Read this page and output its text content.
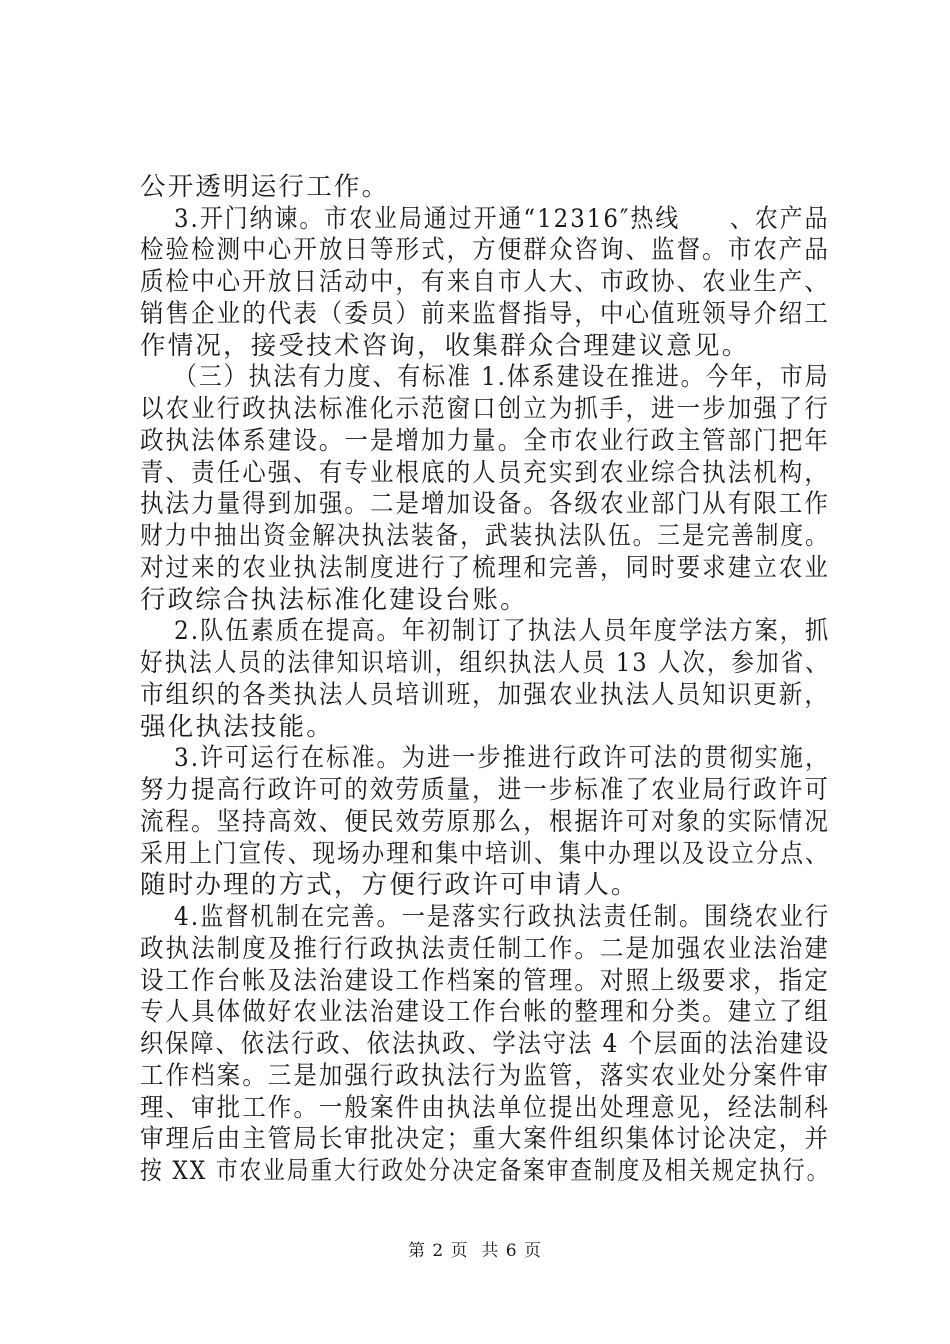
公开透明运行工作。
3.开门纳谏。市农业局通过开通“12316″热线　　、农产品
检验检测中心开放日等形式，方便群众咨询、监督。市农产品
质检中心开放日活动中，有来自市人大、市政协、农业生产、
销售企业的代表（委员）前来监督指导，中心值班领导介绍工
作情况，接受技术咨询，收集群众合理建议意见。
（三）执法有力度、有标准 1.体系建设在推进。今年，市局
以农业行政执法标准化示范窗口创立为抓手，进一步加强了行
政执法体系建设。一是增加力量。全市农业行政主管部门把年
青、责任心强、有专业根底的人员充实到农业综合执法机构，
执法力量得到加强。二是增加设备。各级农业部门从有限工作
财力中抽出资金解决执法装备，武装执法队伍。三是完善制度。
对过来的农业执法制度进行了梳理和完善，同时要求建立农业
行政综合执法标准化建设台账。
2.队伍素质在提高。年初制订了执法人员年度学法方案，抓
好执法人员的法律知识培训，组织执法人员 13 人次，参加省、
市组织的各类执法人员培训班，加强农业执法人员知识更新，
强化执法技能。
3.许可运行在标准。为进一步推进行政许可法的贯彻实施，
努力提高行政许可的效劳质量，进一步标准了农业局行政许可
流程。坚持高效、便民效劳原那么，根据许可对象的实际情况
采用上门宣传、现场办理和集中培训、集中办理以及设立分点、
随时办理的方式，方便行政许可申请人。
4.监督机制在完善。一是落实行政执法责任制。围绕农业行
政执法制度及推行行政执法责任制工作。二是加强农业法治建
设工作台帐及法治建设工作档案的管理。对照上级要求，指定
专人具体做好农业法治建设工作台帐的整理和分类。建立了组
织保障、依法行政、依法执政、学法守法 4 个层面的法治建设
工作档案。三是加强行政执法行为监管，落实农业处分案件审
理、审批工作。一般案件由执法单位提出处理意见，经法制科
审理后由主管局长审批决定；重大案件组织集体讨论决定，并
按 XX 市农业局重大行政处分决定备案审查制度及相关规定执行。
第 2 页  共 6 页
